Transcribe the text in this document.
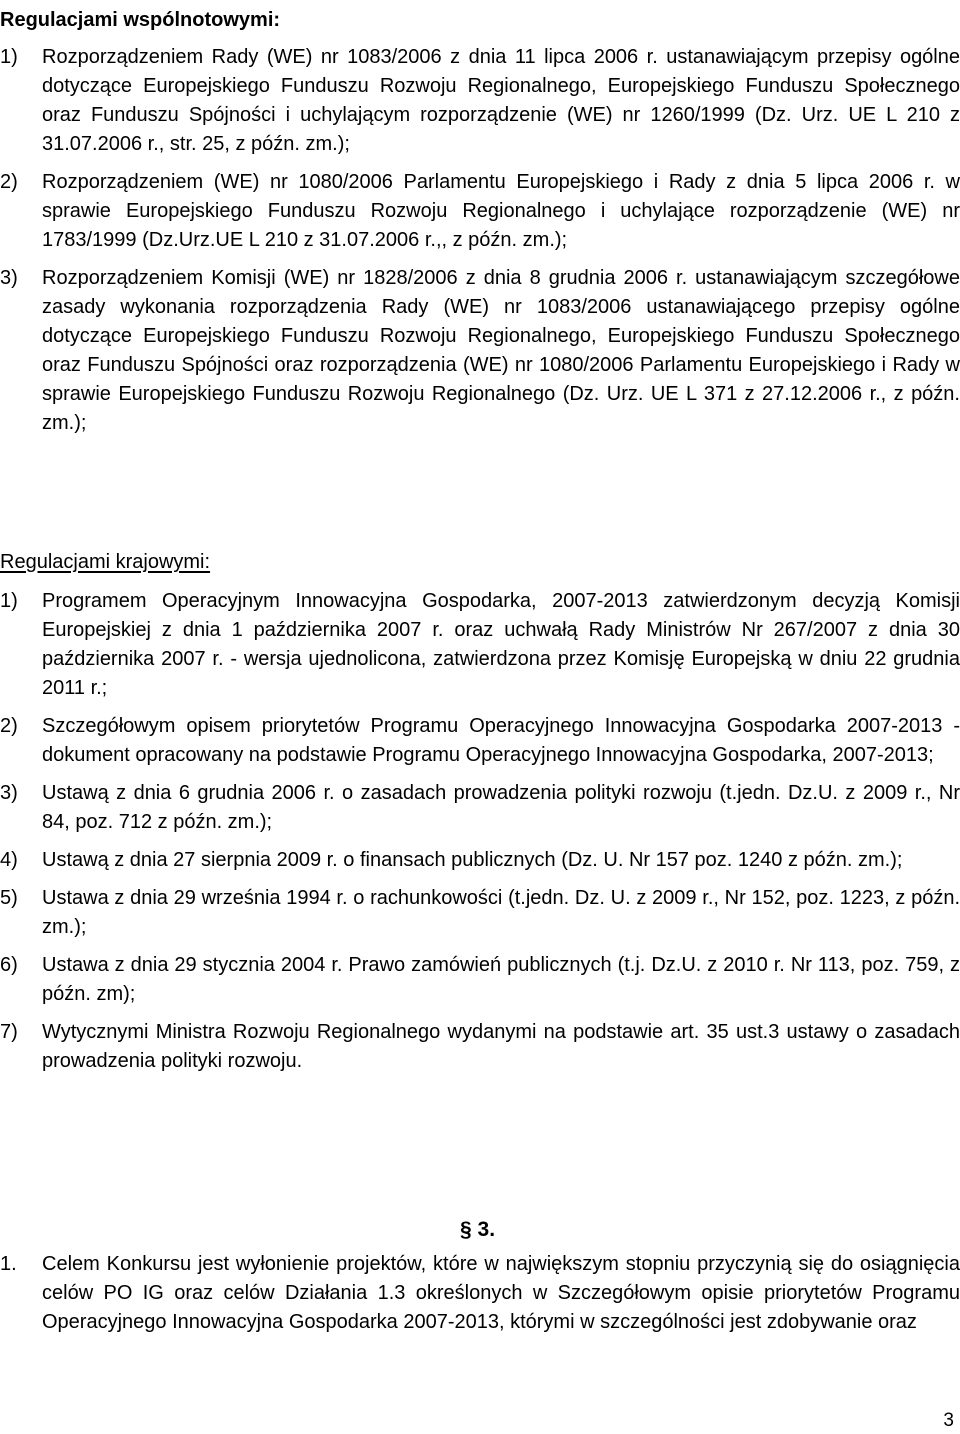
Regulacjami wspólnotowymi:
1) Rozporządzeniem Rady (WE) nr 1083/2006 z dnia 11 lipca 2006 r. ustanawiającym przepisy ogólne dotyczące Europejskiego Funduszu Rozwoju Regionalnego, Europejskiego Funduszu Społecznego oraz Funduszu Spójności i uchylającym rozporządzenie (WE) nr 1260/1999 (Dz. Urz. UE L 210 z 31.07.2006 r., str. 25, z późn. zm.);
2) Rozporządzeniem (WE) nr 1080/2006 Parlamentu Europejskiego i Rady z dnia 5 lipca 2006 r. w sprawie Europejskiego Funduszu Rozwoju Regionalnego i uchylające rozporządzenie (WE) nr 1783/1999 (Dz.Urz.UE L 210 z 31.07.2006 r.,, z późn. zm.);
3) Rozporządzeniem Komisji (WE) nr 1828/2006 z dnia 8 grudnia 2006 r. ustanawiającym szczegółowe zasady wykonania rozporządzenia Rady (WE) nr 1083/2006 ustanawiającego przepisy ogólne dotyczące Europejskiego Funduszu Rozwoju Regionalnego, Europejskiego Funduszu Społecznego oraz Funduszu Spójności oraz rozporządzenia (WE) nr 1080/2006 Parlamentu Europejskiego i Rady w sprawie Europejskiego Funduszu Rozwoju Regionalnego (Dz. Urz. UE L 371 z 27.12.2006 r., z późn. zm.);
Regulacjami krajowymi:
1) Programem Operacyjnym Innowacyjna Gospodarka, 2007-2013 zatwierdzonym decyzją Komisji Europejskiej z dnia 1 października 2007 r. oraz uchwałą Rady Ministrów Nr 267/2007 z dnia 30 października 2007 r. - wersja ujednolicona, zatwierdzona przez Komisję Europejską w dniu 22 grudnia 2011 r.;
2) Szczegółowym opisem priorytetów Programu Operacyjnego Innowacyjna Gospodarka 2007-2013 - dokument opracowany na podstawie Programu Operacyjnego Innowacyjna Gospodarka, 2007-2013;
3) Ustawą z dnia 6 grudnia 2006 r. o zasadach prowadzenia polityki rozwoju (t.jedn. Dz.U. z 2009 r., Nr 84, poz. 712 z późn. zm.);
4) Ustawą z dnia 27 sierpnia 2009 r. o finansach publicznych (Dz. U. Nr 157 poz. 1240 z późn. zm.);
5) Ustawa z dnia 29 września 1994 r. o rachunkowości (t.jedn. Dz. U. z 2009 r., Nr 152, poz. 1223, z późn. zm.);
6) Ustawa z dnia 29 stycznia 2004 r. Prawo zamówień publicznych (t.j. Dz.U. z 2010 r. Nr 113, poz. 759, z późn. zm);
7) Wytycznymi Ministra Rozwoju Regionalnego wydanymi na podstawie art. 35 ust.3 ustawy o zasadach prowadzenia polityki rozwoju.
§ 3.
1. Celem Konkursu jest wyłonienie projektów, które w największym stopniu przyczynią się do osiągnięcia celów PO IG oraz celów Działania 1.3 określonych w Szczegółowym opisie priorytetów Programu Operacyjnego Innowacyjna Gospodarka 2007-2013, którymi w szczególności jest zdobywanie oraz
3
